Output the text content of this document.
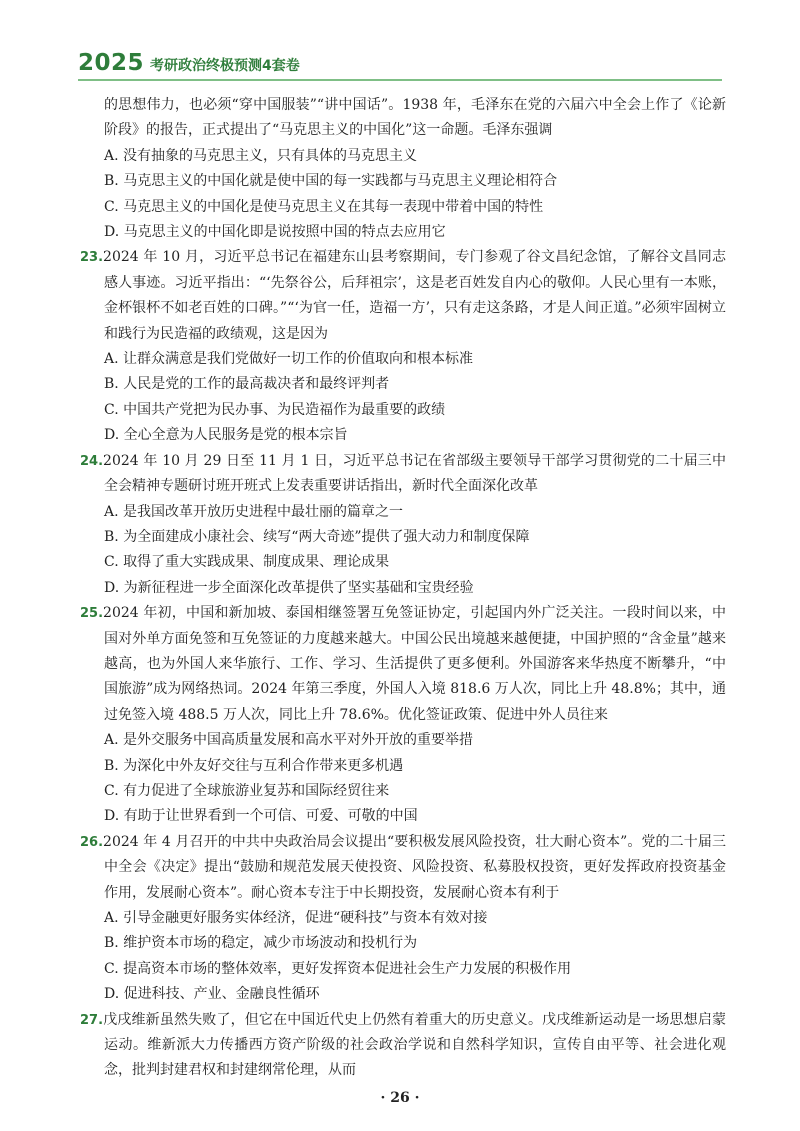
2025 考研政治终极预测4套卷

的思想伟力，也必须“穿中国服装”“讲中国话”。1938 年，毛泽东在党的六届六中全会上作了《论新阶段》的报告，正式提出了“马克思主义的中国化”这一命题。毛泽东强调

A. 没有抽象的马克思主义，只有具体的马克思主义

B. 马克思主义的中国化就是使中国的每一实践都与马克思主义理论相符合

C. 马克思主义的中国化是使马克思主义在其每一表现中带着中国的特性

D. 马克思主义的中国化即是说按照中国的特点去应用它

23.2024 年 10 月，习近平总书记在福建东山县考察期间，专门参观了谷文昌纪念馆，了解谷文昌同志感人事迹。习近平指出：“‘先祭谷公，后拜祖宗’，这是老百姓发自内心的敬仰。人民心里有一本账，金杯银杯不如老百姓的口碑。”“‘为官一任，造福一方’，只有走这条路，才是人间正道。”必须牢固树立和践行为民造福的政绩观，这是因为

A. 让群众满意是我们党做好一切工作的价值取向和根本标准

B. 人民是党的工作的最高裁决者和最终评判者

C. 中国共产党把为民办事、为民造福作为最重要的政绩

D. 全心全意为人民服务是党的根本宗旨

24.2024 年 10 月 29 日至 11 月 1 日，习近平总书记在省部级主要领导干部学习贯彻党的二十届三中全会精神专题研讨班开班式上发表重要讲话指出，新时代全面深化改革

A. 是我国改革开放历史进程中最壮丽的篇章之一

B. 为全面建成小康社会、续写“两大奇迹”提供了强大动力和制度保障

C. 取得了重大实践成果、制度成果、理论成果

D. 为新征程进一步全面深化改革提供了坚实基础和宝贵经验

25.2024 年初，中国和新加坡、泰国相继签署互免签证协定，引起国内外广泛关注。一段时间以来，中国对外单方面免签和互免签证的力度越来越大。中国公民出境越来越便捷，中国护照的“含金量”越来越高，也为外国人来华旅行、工作、学习、生活提供了更多便利。外国游客来华热度不断攀升，“中国旅游”成为网络热词。2024 年第三季度，外国人入境 818.6 万人次，同比上升 48.8%；其中，通过免签入境 488.5 万人次，同比上升 78.6%。优化签证政策、促进中外人员往来

A. 是外交服务中国高质量发展和高水平对外开放的重要举措

B. 为深化中外友好交往与互利合作带来更多机遇

C. 有力促进了全球旅游业复苏和国际经贸往来

D. 有助于让世界看到一个可信、可爱、可敬的中国

26.2024 年 4 月召开的中共中央政治局会议提出“要积极发展风险投资，壮大耐心资本”。党的二十届三中全会《决定》提出“鼓励和规范发展天使投资、风险投资、私募股权投资，更好发挥政府投资基金作用，发展耐心资本”。耐心资本专注于中长期投资，发展耐心资本有利于

A. 引导金融更好服务实体经济，促进“硬科技”与资本有效对接

B. 维护资本市场的稳定，减少市场波动和投机行为

C. 提高资本市场的整体效率，更好发挥资本促进社会生产力发展的积极作用

D. 促进科技、产业、金融良性循环

27.戊戌维新虽然失败了，但它在中国近代史上仍然有着重大的历史意义。戊戌维新运动是一场思想启蒙运动。维新派大力传播西方资产阶级的社会政治学说和自然科学知识，宣传自由平等、社会进化观念，批判封建君权和封建纲常伦理，从而

· 26 ·
